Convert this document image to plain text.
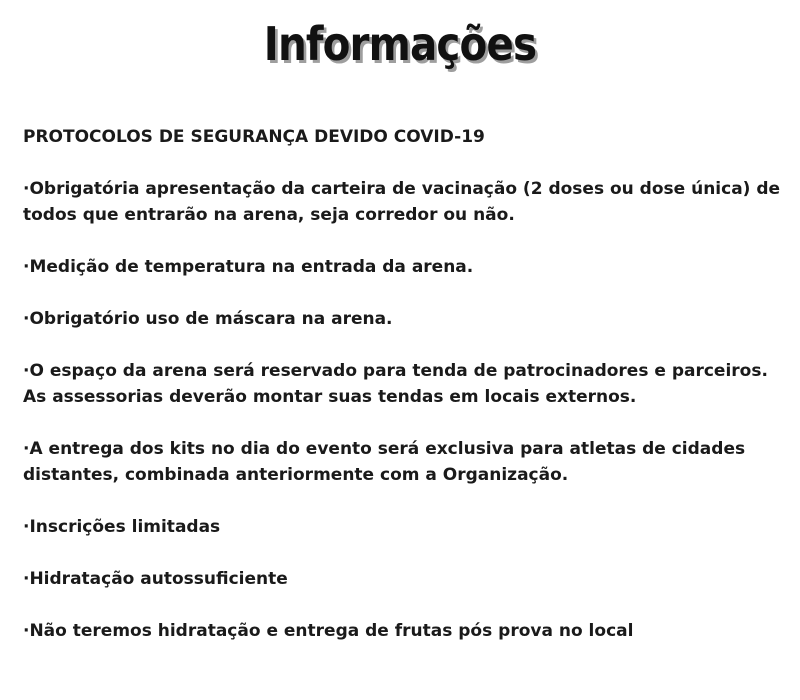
Informações

PROTOCOLOS DE SEGURANÇA DEVIDO COVID-19

·Obrigatória apresentação da carteira de vacinação (2 doses ou dose única) de todos que entrarão na arena, seja corredor ou não.

·Medição de temperatura na entrada da arena.

·Obrigatório uso de máscara na arena.

·O espaço da arena será reservado para tenda de patrocinadores e parceiros. As assessorias deverão montar suas tendas em locais externos.

·A entrega dos kits no dia do evento será exclusiva para atletas de cidades distantes, combinada anteriormente com a Organização.

·Inscrições limitadas

·Hidratação autossuficiente

·Não teremos hidratação e entrega de frutas pós prova no local
